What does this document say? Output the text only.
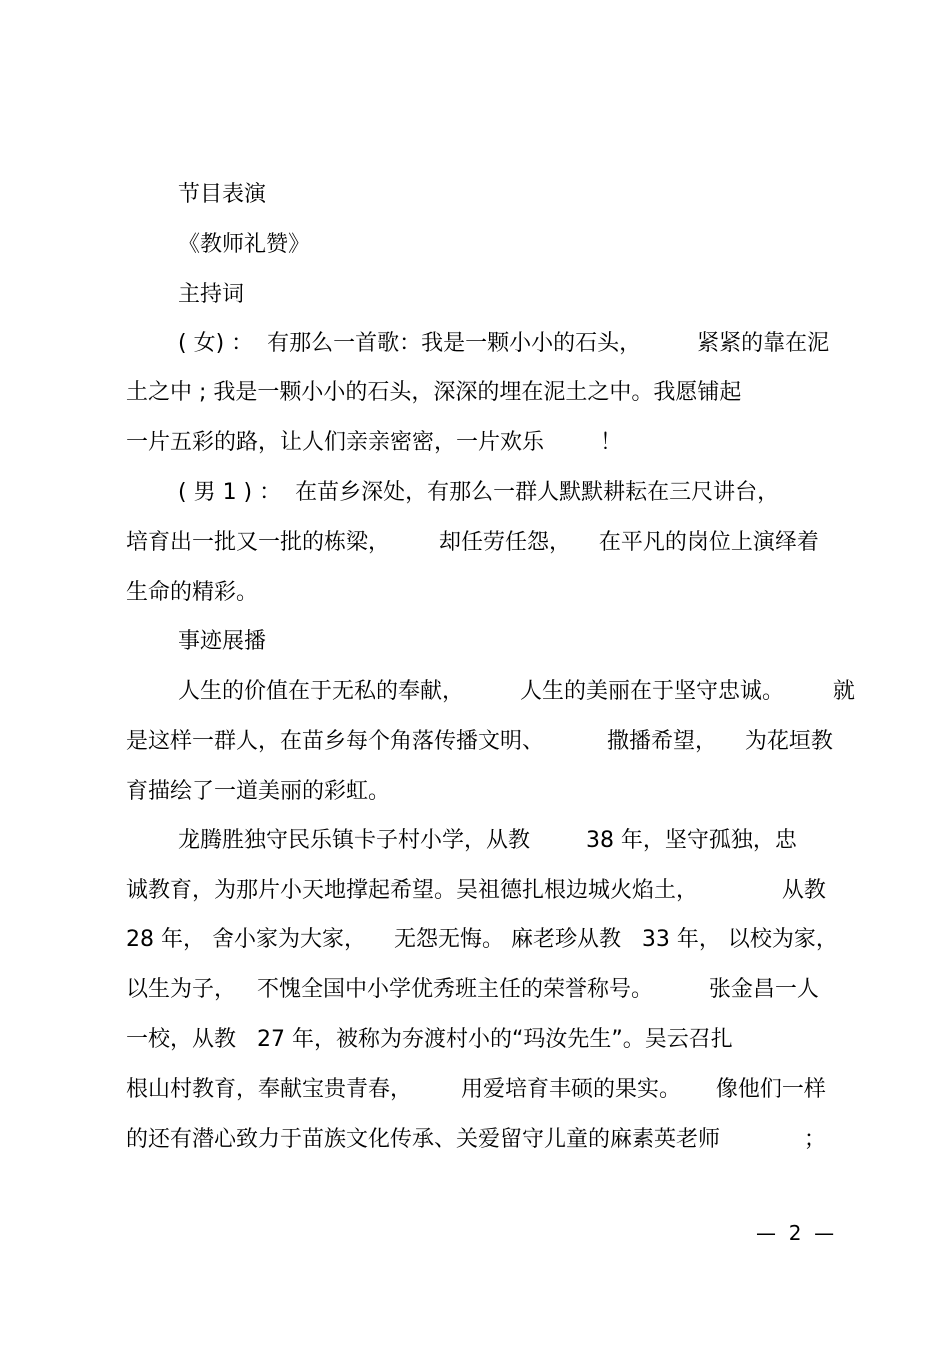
节目表演
《教师礼赞》
主持词
( 女) ：  有那么一首歌：我是一颗小小的石头，        紧紧的靠在泥
土之中 ; 我是一颗小小的石头，深深的埋在泥土之中。我愿铺起
一片五彩的路，让人们亲亲密密，一片欢乐        ！
( 男 1 ) ：  在苗乡深处，有那么一群人默默耕耘在三尺讲台，
培育出一批又一批的栋梁，       却任劳任怨，    在平凡的岗位上演绎着
生命的精彩。
事迹展播
人生的价值在于无私的奉献，        人生的美丽在于坚守忠诚。       就
是这样一群人，在苗乡每个角落传播文明、         撒播希望，    为花垣教
育描绘了一道美丽的彩虹。
龙腾胜独守民乐镇卡子村小学，从教        38 年，坚守孤独，忠
诚教育，为那片小天地撑起希望。吴祖德扎根边城火焰土，            从教
28 年， 舍小家为大家，    无怨无悔。 麻老珍从教   33 年， 以校为家，
以生为子，   不愧全国中小学优秀班主任的荣誉称号。        张金昌一人
一校，从教   27 年，被称为夯渡村小的“玛汝先生”。吴云召扎
根山村教育，奉献宝贵青春，       用爱培育丰硕的果实。     像他们一样
的还有潜心致力于苗族文化传承、关爱留守儿童的麻素英老师            ；
—  2  —
